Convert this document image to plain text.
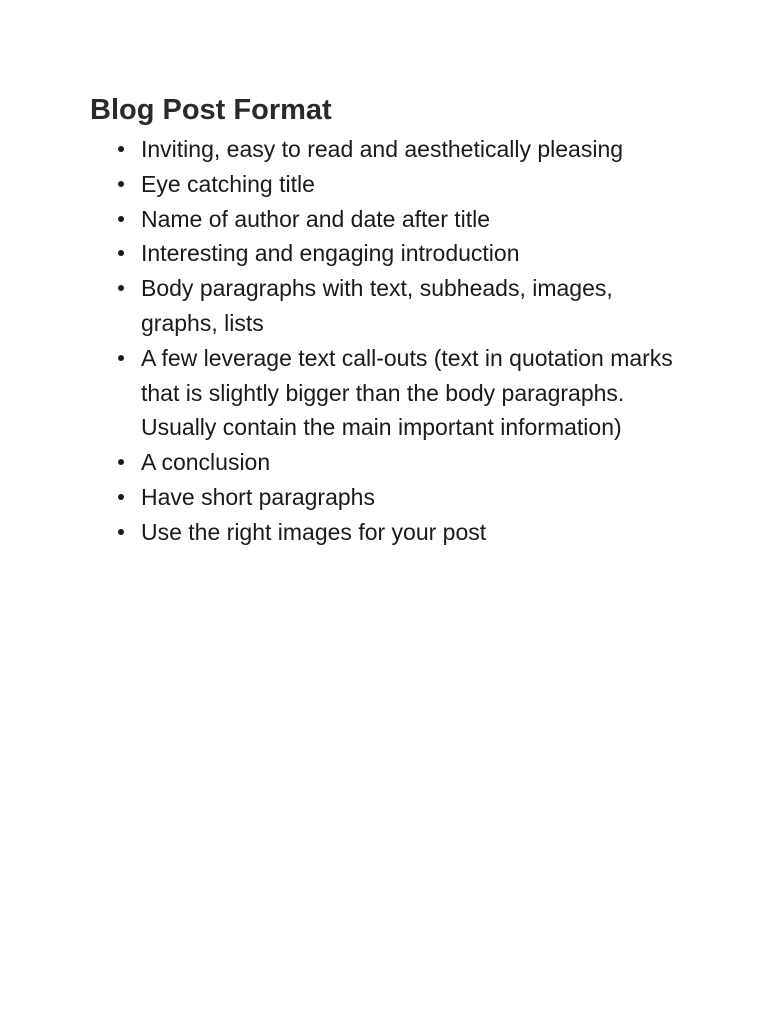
Blog Post Format
Inviting, easy to read and aesthetically pleasing
Eye catching title
Name of author and date after title
Interesting and engaging introduction
Body paragraphs with text, subheads, images, graphs, lists
A few leverage text call-outs (text in quotation marks that is slightly bigger than the body paragraphs. Usually contain the main important information)
A conclusion
Have short paragraphs
Use the right images for your post
